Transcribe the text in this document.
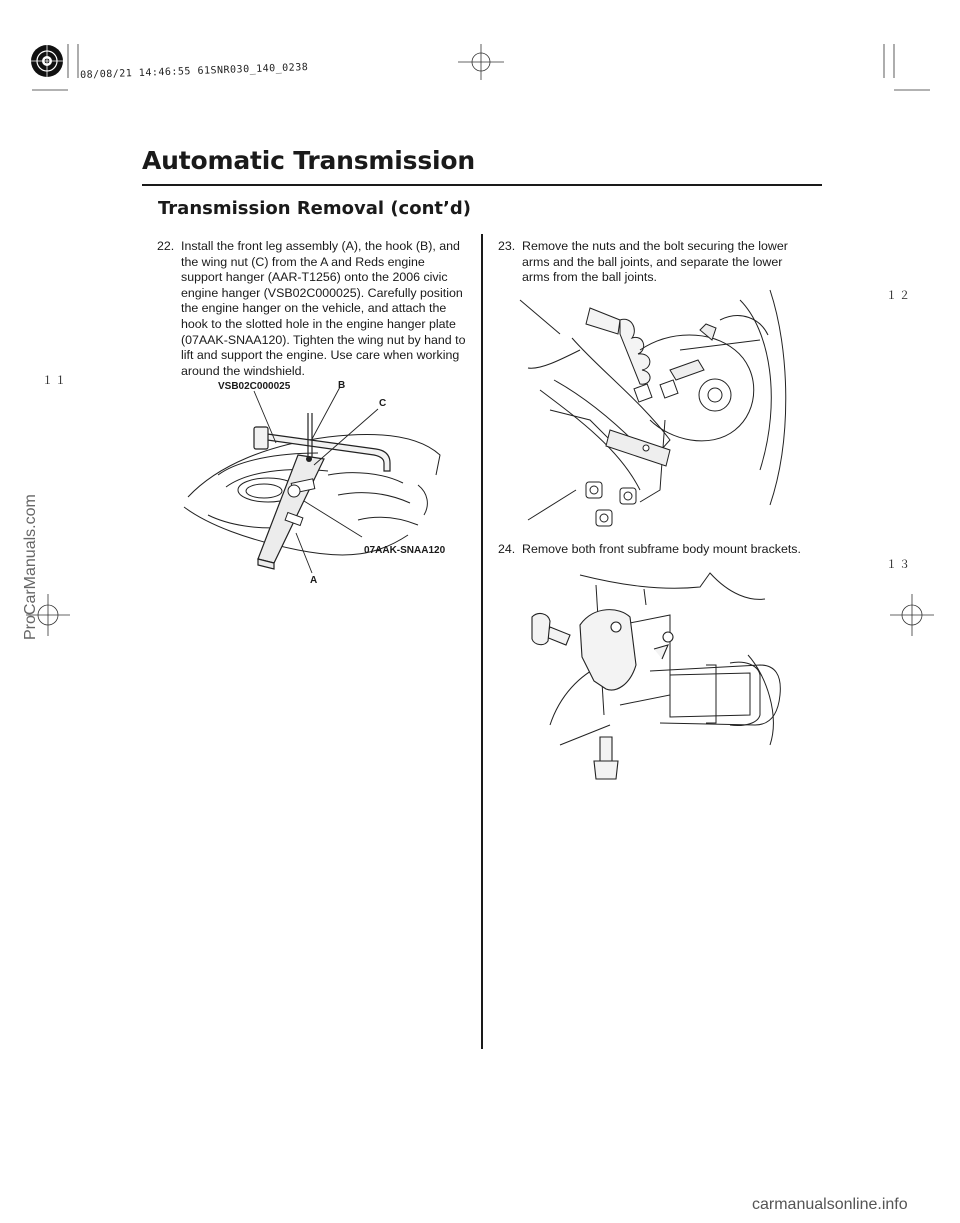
08/08/21 14:46:55 61SNR030_140_0238
Automatic Transmission
Transmission Removal (cont’d)
22. Install the front leg assembly (A), the hook (B), and

the wing nut (C) from the A and Reds engine

support hanger (AAR-T1256) onto the 2006 civic

engine hanger (VSB02C000025). Carefully position

the engine hanger on the vehicle, and attach the

hook to the slotted hole in the engine hanger plate

(07AAK-SNAA120). Tighten the wing nut by hand to

lift and support the engine. Use care when working

around the windshield.

VSB02C000025	B
C
07AAK-SNAA120
A
23. Remove the nuts and the bolt securing the lower

arms and the ball joints, and separate the lower

arms from the ball joints.

24. Remove both front subframe body mount brackets.

１１
１２
１３
ProCarManuals.com
carmanualsonline.info
